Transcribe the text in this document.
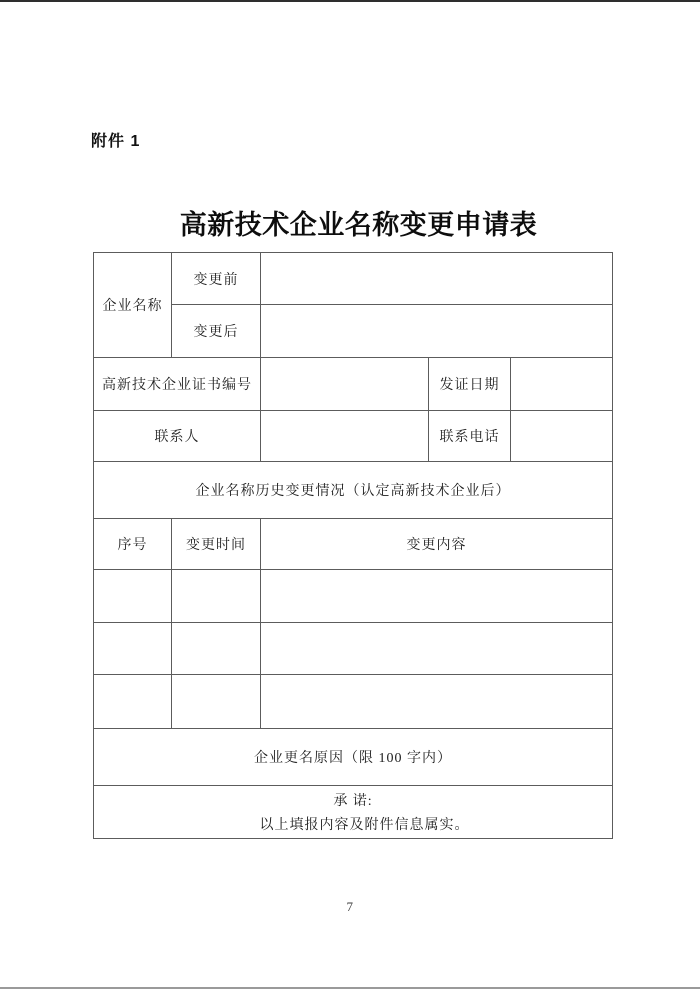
附件 1
高新技术企业名称变更申请表
企业名称	变更前			
	变更后			
高新技术企业证书编号			发证日期	
联系人			联系电话	
企业名称历史变更情况（认定高新技术企业后）				
序号	变更时间	变更内容		

企业更名原因（限 100 字内）				

承 诺:
以上填报内容及附件信息属实。				
7
